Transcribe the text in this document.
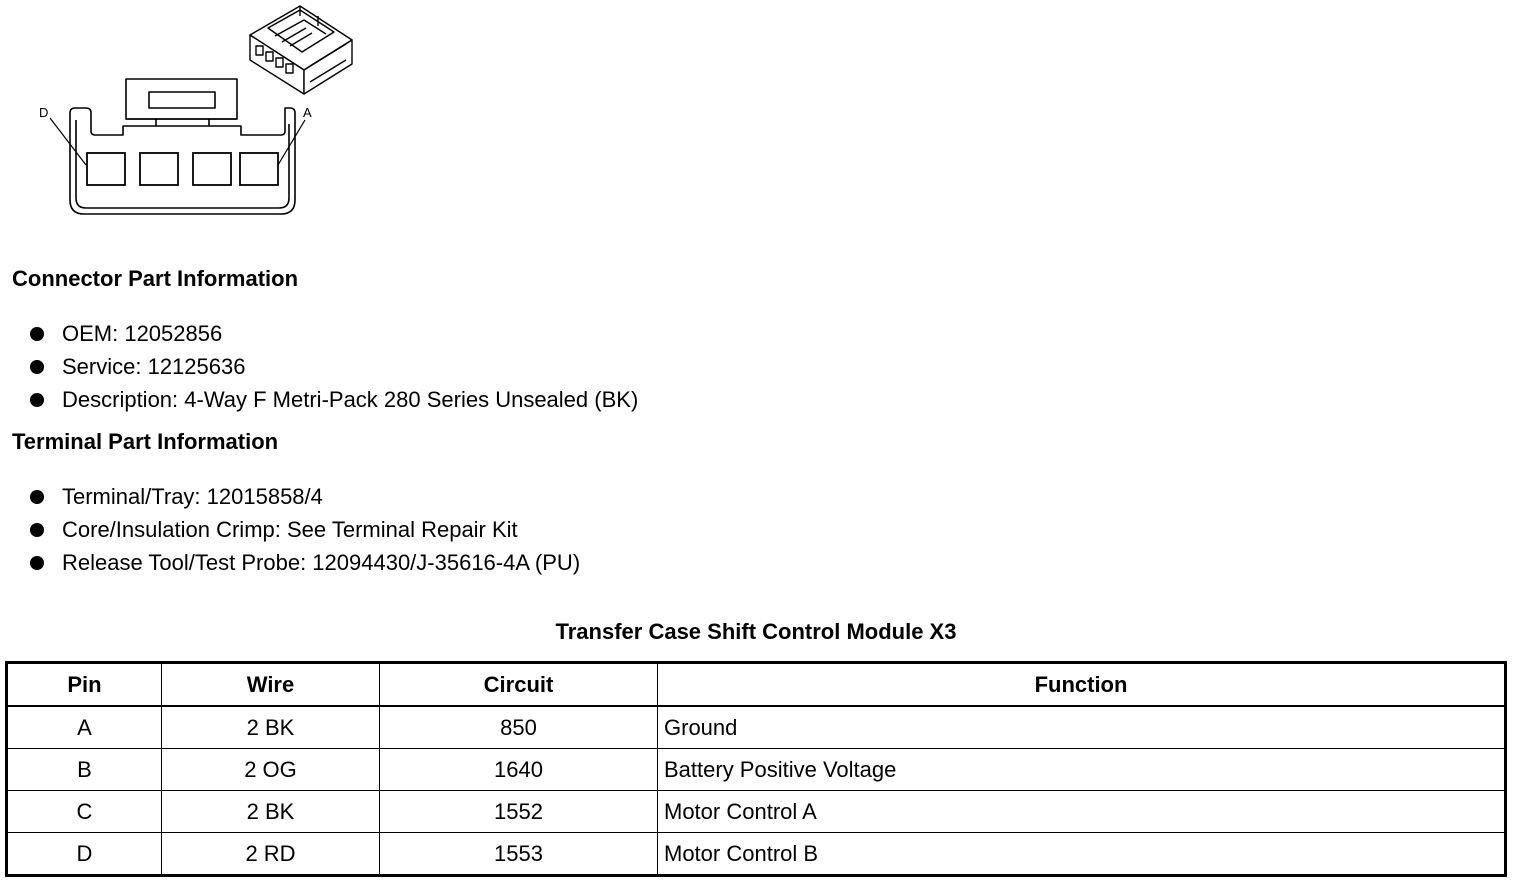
D	A
Connector Part Information
OEM: 12052856
Service: 12125636
Description: 4-Way F Metri-Pack 280 Series Unsealed (BK)
Terminal Part Information
Terminal/Tray: 12015858/4
Core/Insulation Crimp: See Terminal Repair Kit
Release Tool/Test Probe: 12094430/J-35616-4A (PU)
Transfer Case Shift Control Module X3
Pin	Wire	Circuit	Function
A	2 BK	850	Ground
B	2 OG	1640	Battery Positive Voltage
C	2 BK	1552	Motor Control A
D	2 RD	1553	Motor Control B
